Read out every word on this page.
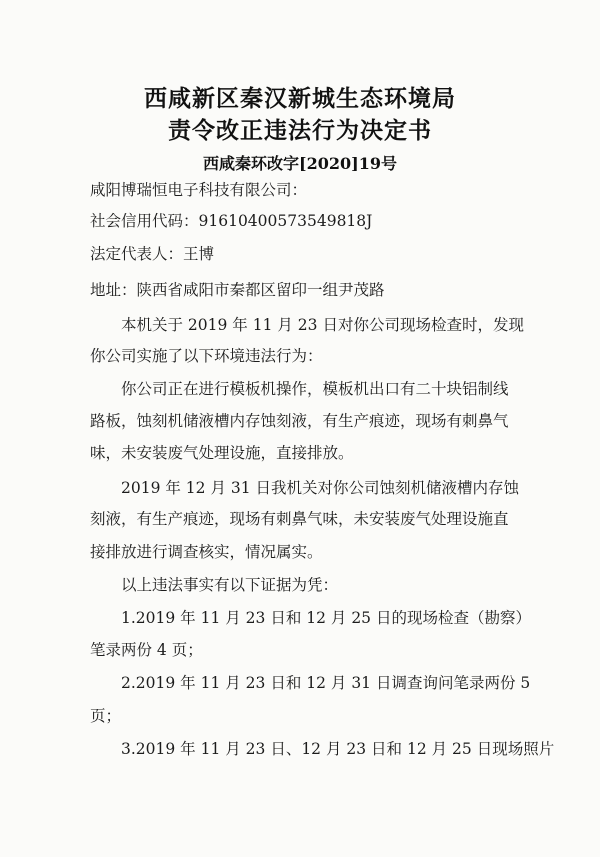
西咸新区秦汉新城生态环境局
责令改正违法行为决定书
西咸秦环改字[2020]19号
咸阳博瑞恒电子科技有限公司：
社会信用代码：91610400573549818J
法定代表人：王博
地址：陕西省咸阳市秦都区留印一组尹茂路
本机关于 2019 年 11 月 23 日对你公司现场检查时，发现
你公司实施了以下环境违法行为：
你公司正在进行模板机操作，模板机出口有二十块铝制线
路板，蚀刻机储液槽内存蚀刻液，有生产痕迹，现场有刺鼻气
味，未安装废气处理设施，直接排放。
2019 年 12 月 31 日我机关对你公司蚀刻机储液槽内存蚀
刻液，有生产痕迹，现场有刺鼻气味，未安装废气处理设施直
接排放进行调查核实，情况属实。
以上违法事实有以下证据为凭：
1.2019 年 11 月 23 日和 12 月 25 日的现场检查（勘察）
笔录两份 4 页；
2.2019 年 11 月 23 日和 12 月 31 日调查询问笔录两份 5
页；
3.2019 年 11 月 23 日、12 月 23 日和 12 月 25 日现场照片
